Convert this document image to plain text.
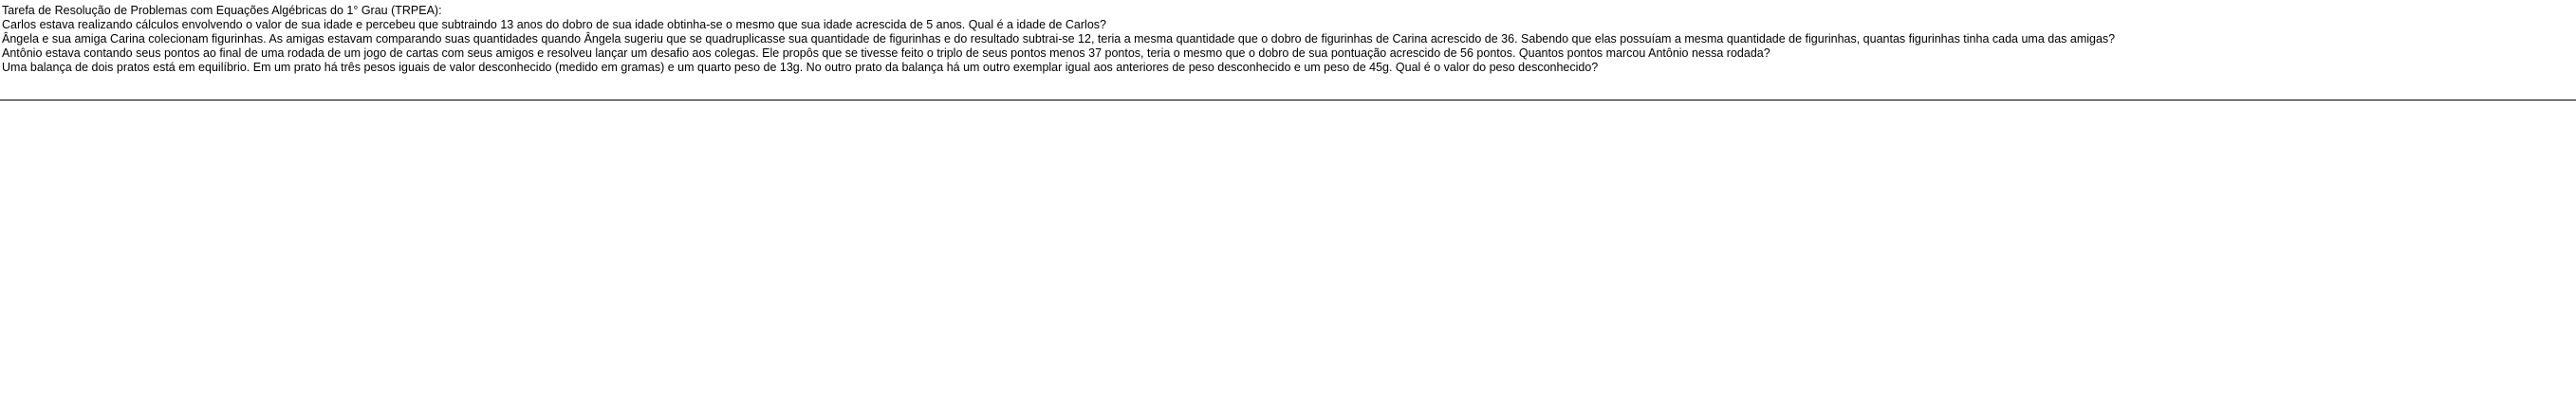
Tarefa de Resolução de Problemas com Equações Algébricas do 1° Grau (TRPEA):
Carlos estava realizando cálculos envolvendo o valor de sua idade e percebeu que subtraindo 13 anos do dobro de sua idade obtinha-se o mesmo que sua idade acrescida de 5 anos. Qual é a idade de Carlos?
Ângela e sua amiga Carina colecionam figurinhas. As amigas estavam comparando suas quantidades quando Ângela sugeriu que se quadruplicasse sua quantidade de figurinhas e do resultado subtrai-se 12, teria a mesma quantidade que o dobro de figurinhas de Carina acrescido de 36. Sabendo que elas possuíam a mesma quantidade de figurinhas, quantas figurinhas tinha cada uma das amigas?
Antônio estava contando seus pontos ao final de uma rodada de um jogo de cartas com seus amigos e resolveu lançar um desafio aos colegas. Ele propôs que se tivesse feito o triplo de seus pontos menos 37 pontos, teria o mesmo que o dobro de sua pontuação acrescido de 56 pontos. Quantos pontos marcou Antônio nessa rodada?
Uma balança de dois pratos está em equilíbrio. Em um prato há três pesos iguais de valor desconhecido (medido em gramas) e um quarto peso de 13g. No outro prato da balança há um outro exemplar igual aos anteriores de peso desconhecido e um peso de 45g. Qual é o valor do peso desconhecido?
